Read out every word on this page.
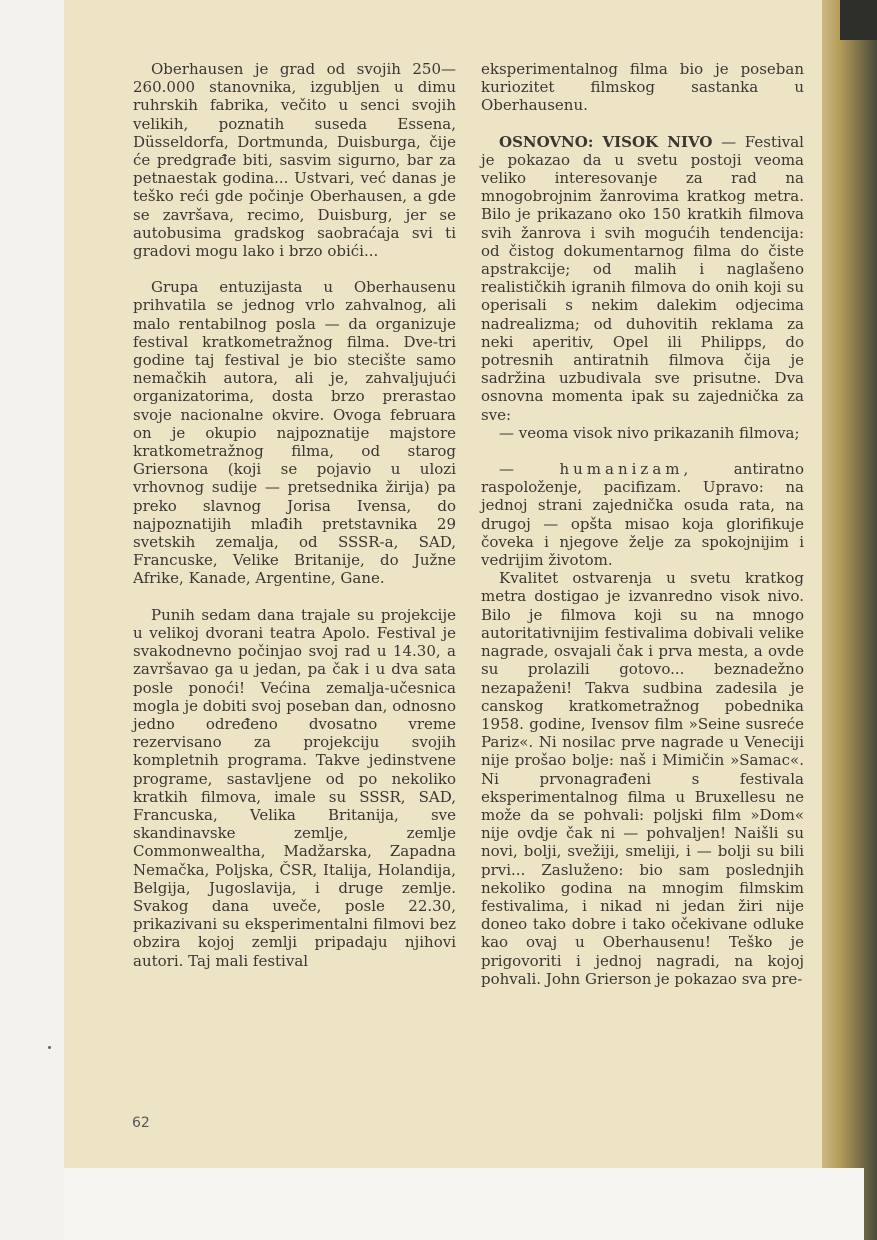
Oberhausen je grad od svojih 250—260.000 stanovnika, izgubljen u dimu ruhrskih fabrika, večito u senci svojih velikih, poznatih suseda Essena, Düsseldorfa, Dortmunda, Duisburga, čije će predgrađe biti, sasvim sigurno, bar za petnaestak godina... Ustvari, već danas je teško reći gde počinje Oberhausen, a gde se završava, recimo, Duisburg, jer se autobusima gradskog saobraćaja svi ti gradovi mogu lako i brzo obići...

Grupa entuzijasta u Oberhausenu prihvatila se jednog vrlo zahvalnog, ali malo rentabilnog posla — da organizuje festival kratkometražnog filma. Dve-tri godine taj festival je bio stecište samo nemačkih autora, ali je, zahvaljujući organizatorima, dosta brzo prerastao svoje nacionalne okvire. Ovoga februara on je okupio najpoznatije majstore kratkometražnog filma, od starog Griersona (koji se pojavio u ulozi vrhovnog sudije — pretsednika žirija) pa preko slavnog Jorisa Ivensa, do najpoznatijih mlađih pretstavnika 29 svetskih zemalja, od SSSR-a, SAD, Francuske, Velike Britanije, do Južne Afrike, Kanade, Argentine, Gane.

Punih sedam dana trajale su projekcije u velikoj dvorani teatra Apolo. Festival je svakodnevno počinjao svoj rad u 14.30, a završavao ga u jedan, pa čak i u dva sata posle ponoći! Većina zemalja-učesnica mogla je dobiti svoj poseban dan, odnosno jedno određeno dvosatno vreme rezervisano za projekciju svojih kompletnih programa. Takve jedinstvene programe, sastavljene od po nekoliko kratkih filmova, imale su SSSR, SAD, Francuska, Velika Britanija, sve skandinavske zemlje, zemlje Commonwealtha, Madžarska, Zapadna Nemačka, Poljska, ČSR, Italija, Holandija, Belgija, Jugoslavija, i druge zemlje. Svakog dana uveče, posle 22.30, prikazivani su eksperimentalni filmovi bez obzira kojoj zemlji pripadaju njihovi autori. Taj mali festival

eksperimentalnog filma bio je poseban kuriozitet filmskog sastanka u Oberhausenu.

OSNOVNO: VISOK NIVO — Festival je pokazao da u svetu postoji veoma veliko interesovanje za rad na mnogobrojnim žanrovima kratkog metra. Bilo je prikazano oko 150 kratkih filmova svih žanrova i svih mogućih tendencija: od čistog dokumentarnog filma do čiste apstrakcije; od malih i naglašeno realističkih igranih filmova do onih koji su operisali s nekim dalekim odjecima nadrealizma; od duhovitih reklama za neki aperitiv, Opel ili Philipps, do potresnih antiratnih filmova čija je sadržina uzbudivala sve prisutne. Dva osnovna momenta ipak su zajednička za sve:

— veoma visok nivo prikazanih filmova;

— humanizam, antiratno raspoloženje, pacifizam. Upravo: na jednoj strani zajednička osuda rata, na drugoj — opšta misao koja glorifikuje čoveka i njegove želje za spokojnijim i vedrijim životom.

Kvalitet ostvarenja u svetu kratkog metra dostigao je izvanredno visok nivo. Bilo je filmova koji su na mnogo autoritativnijim festivalima dobivali velike nagrade, osvajali čak i prva mesta, a ovde su prolazili gotovo... beznadežno nezapaženi! Takva sudbina zadesila je canskog kratkometražnog pobednika 1958. godine, Ivensov film »Seine susreće Pariz«. Ni nosilac prve nagrade u Veneciji nije prošao bolje: naš i Mimičin »Samac«. Ni prvonagrađeni s festivala eksperimentalnog filma u Bruxellesu ne može da se pohvali: poljski film »Dom« nije ovdje čak ni — pohvaljen! Naišli su novi, bolji, svežiji, smeliji, i — bolji su bili prvi... Zasluženo: bio sam poslednjih nekoliko godina na mnogim filmskim festivalima, i nikad ni jedan žiri nije doneo tako dobre i tako očekivane odluke kao ovaj u Oberhausenu! Teško je prigovoriti i jednoj nagradi, na kojoj pohvali. John Grierson je pokazao sva pre-

62
